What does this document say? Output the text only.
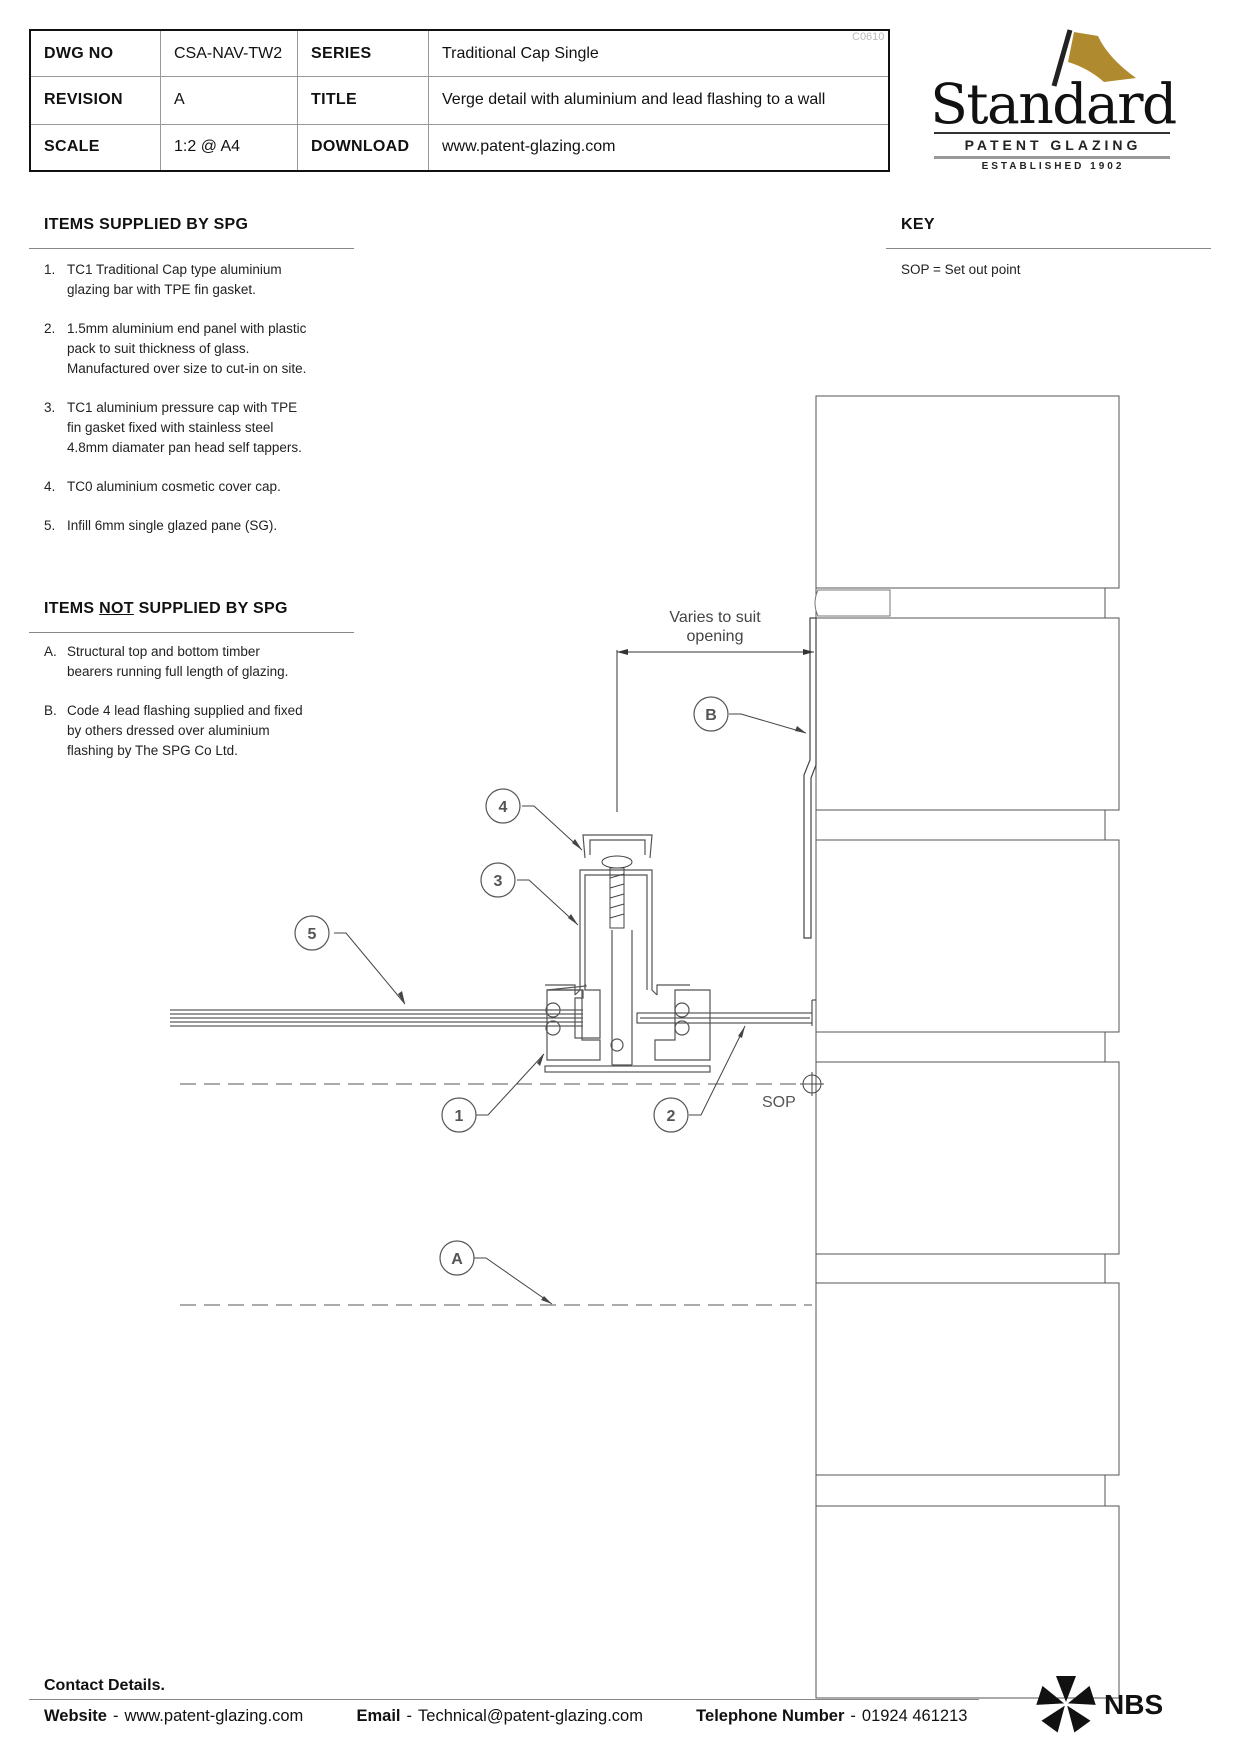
DWG NO	CSA-NAV-TW2	SERIES	Traditional Cap Single
REVISION	A	TITLE	Verge detail with aluminium and lead flashing to a wall
SCALE	1:2 @ A4	DOWNLOAD	www.patent-glazing.com
C0610
Standard
PATENT GLAZING
ESTABLISHED 1902
ITEMS SUPPLIED BY SPG
1. TC1 Traditional Cap type aluminium glazing bar with TPE fin gasket.
2. 1.5mm aluminium end panel with plastic pack to suit thickness of glass. Manufactured over size to cut-in on site.
3. TC1 aluminium pressure cap with TPE fin gasket fixed with stainless steel 4.8mm diamater pan head self tappers.
4. TC0 aluminium cosmetic cover cap.
5. Infill 6mm single glazed pane (SG).
ITEMS NOT SUPPLIED BY SPG
A. Structural top and bottom timber bearers running full length of glazing.
B. Code 4 lead flashing supplied and fixed by others dressed over aluminium flashing by The SPG Co Ltd.
KEY
SOP = Set out point
Varies to suit
opening
SOP
5
4
3
B
1	2
A
Contact Details.
Website - www.patent-glazing.com	Email - Technical@patent-glazing.com	Telephone Number - 01924 461213	NBS
